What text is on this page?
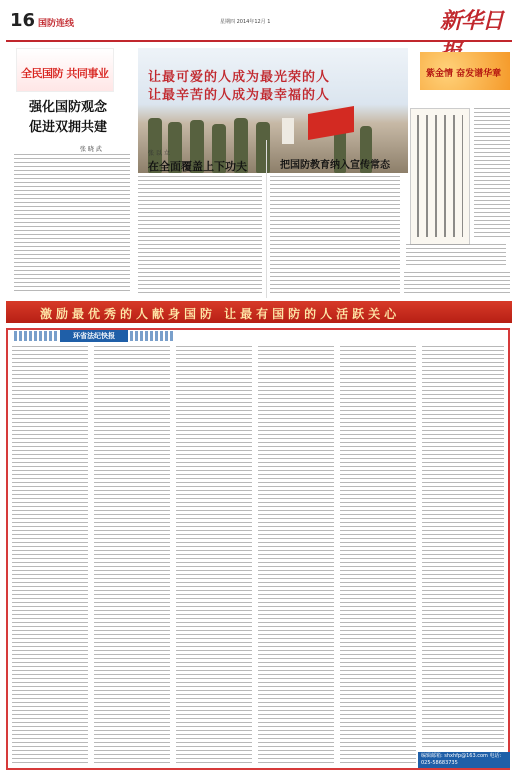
16 国防连线	星期四 2014年12月 1	新华日
全民国防 共同事业
强化国防观念
促进双拥共建
张 晓 武
让最可爱的人成为最光荣的人
让最辛苦的人成为最幸福的人
张 以 立
在全面覆盖上下功夫	把国防教育纳入宣传常态
紫金情 奋发谱华章
激励最优秀的人献身国防 让最有国防的人活跃关心
环省法纪快报
编辑邮箱: shxhfp@163.com 电话: 025-58683735
